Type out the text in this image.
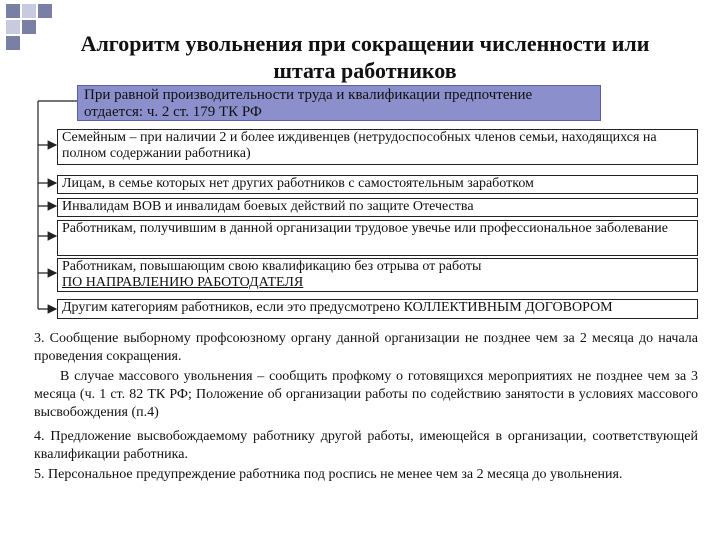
Алгоритм увольнения при сокращении численности или штата работников
При равной производительности труда и квалификации предпочтение отдается: ч. 2 ст. 179 ТК РФ
Семейным – при наличии 2 и более иждивенцев (нетрудоспособных членов семьи, находящихся на полном содержании работника)
Лицам, в семье которых нет других работников с самостоятельным заработком
Инвалидам ВОВ и инвалидам боевых действий по защите Отечества
Работникам, получившим в данной организации трудовое увечье или профессиональное заболевание
Работникам, повышающим свою квалификацию без отрыва от работы
ПО НАПРАВЛЕНИЮ РАБОТОДАТЕЛЯ
Другим категориям работников, если это предусмотрено КОЛЛЕКТИВНЫМ ДОГОВОРОМ
3. Сообщение выборному профсоюзному органу данной организации не позднее чем за 2 месяца до начала проведения сокращения.
В случае массового увольнения – сообщить профкому о готовящихся мероприятиях не позднее чем за 3 месяца (ч. 1 ст. 82 ТК РФ; Положение об организации работы по содействию занятости в условиях массового высвобождения (п.4)
4. Предложение высвобождаемому работнику другой работы, имеющейся в организации, соответствующей квалификации работника.
5. Персональное предупреждение работника под роспись не менее чем за 2 месяца до увольнения.
